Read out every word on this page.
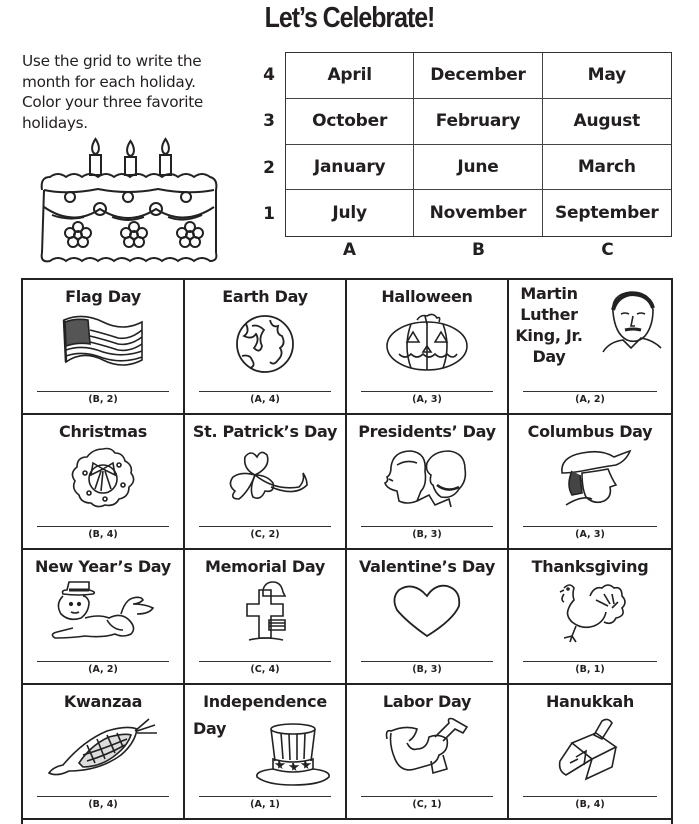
Let’s Celebrate!
Use the grid to write the month for each holiday. Color your three favorite holidays.
4
3
2
1
April	December	May
October	February	August
January	June	March
July	November	September
A	B	C
Flag Day
(B, 2)
Earth Day
(A, 4)
Halloween
(A, 3)
Martin
Luther
King, Jr.
Day
(A, 2)
Christmas
(B, 4)
St. Patrick’s Day
(C, 2)
Presidents’ Day
(B, 3)
Columbus Day
(A, 3)
New Year’s Day
(A, 2)
Memorial Day
(C, 4)
Valentine’s Day
(B, 3)
Thanksgiving
(B, 1)
Kwanzaa
(B, 4)
Independence
Day
(A, 1)
Labor Day
(C, 1)
Hanukkah
(B, 4)
